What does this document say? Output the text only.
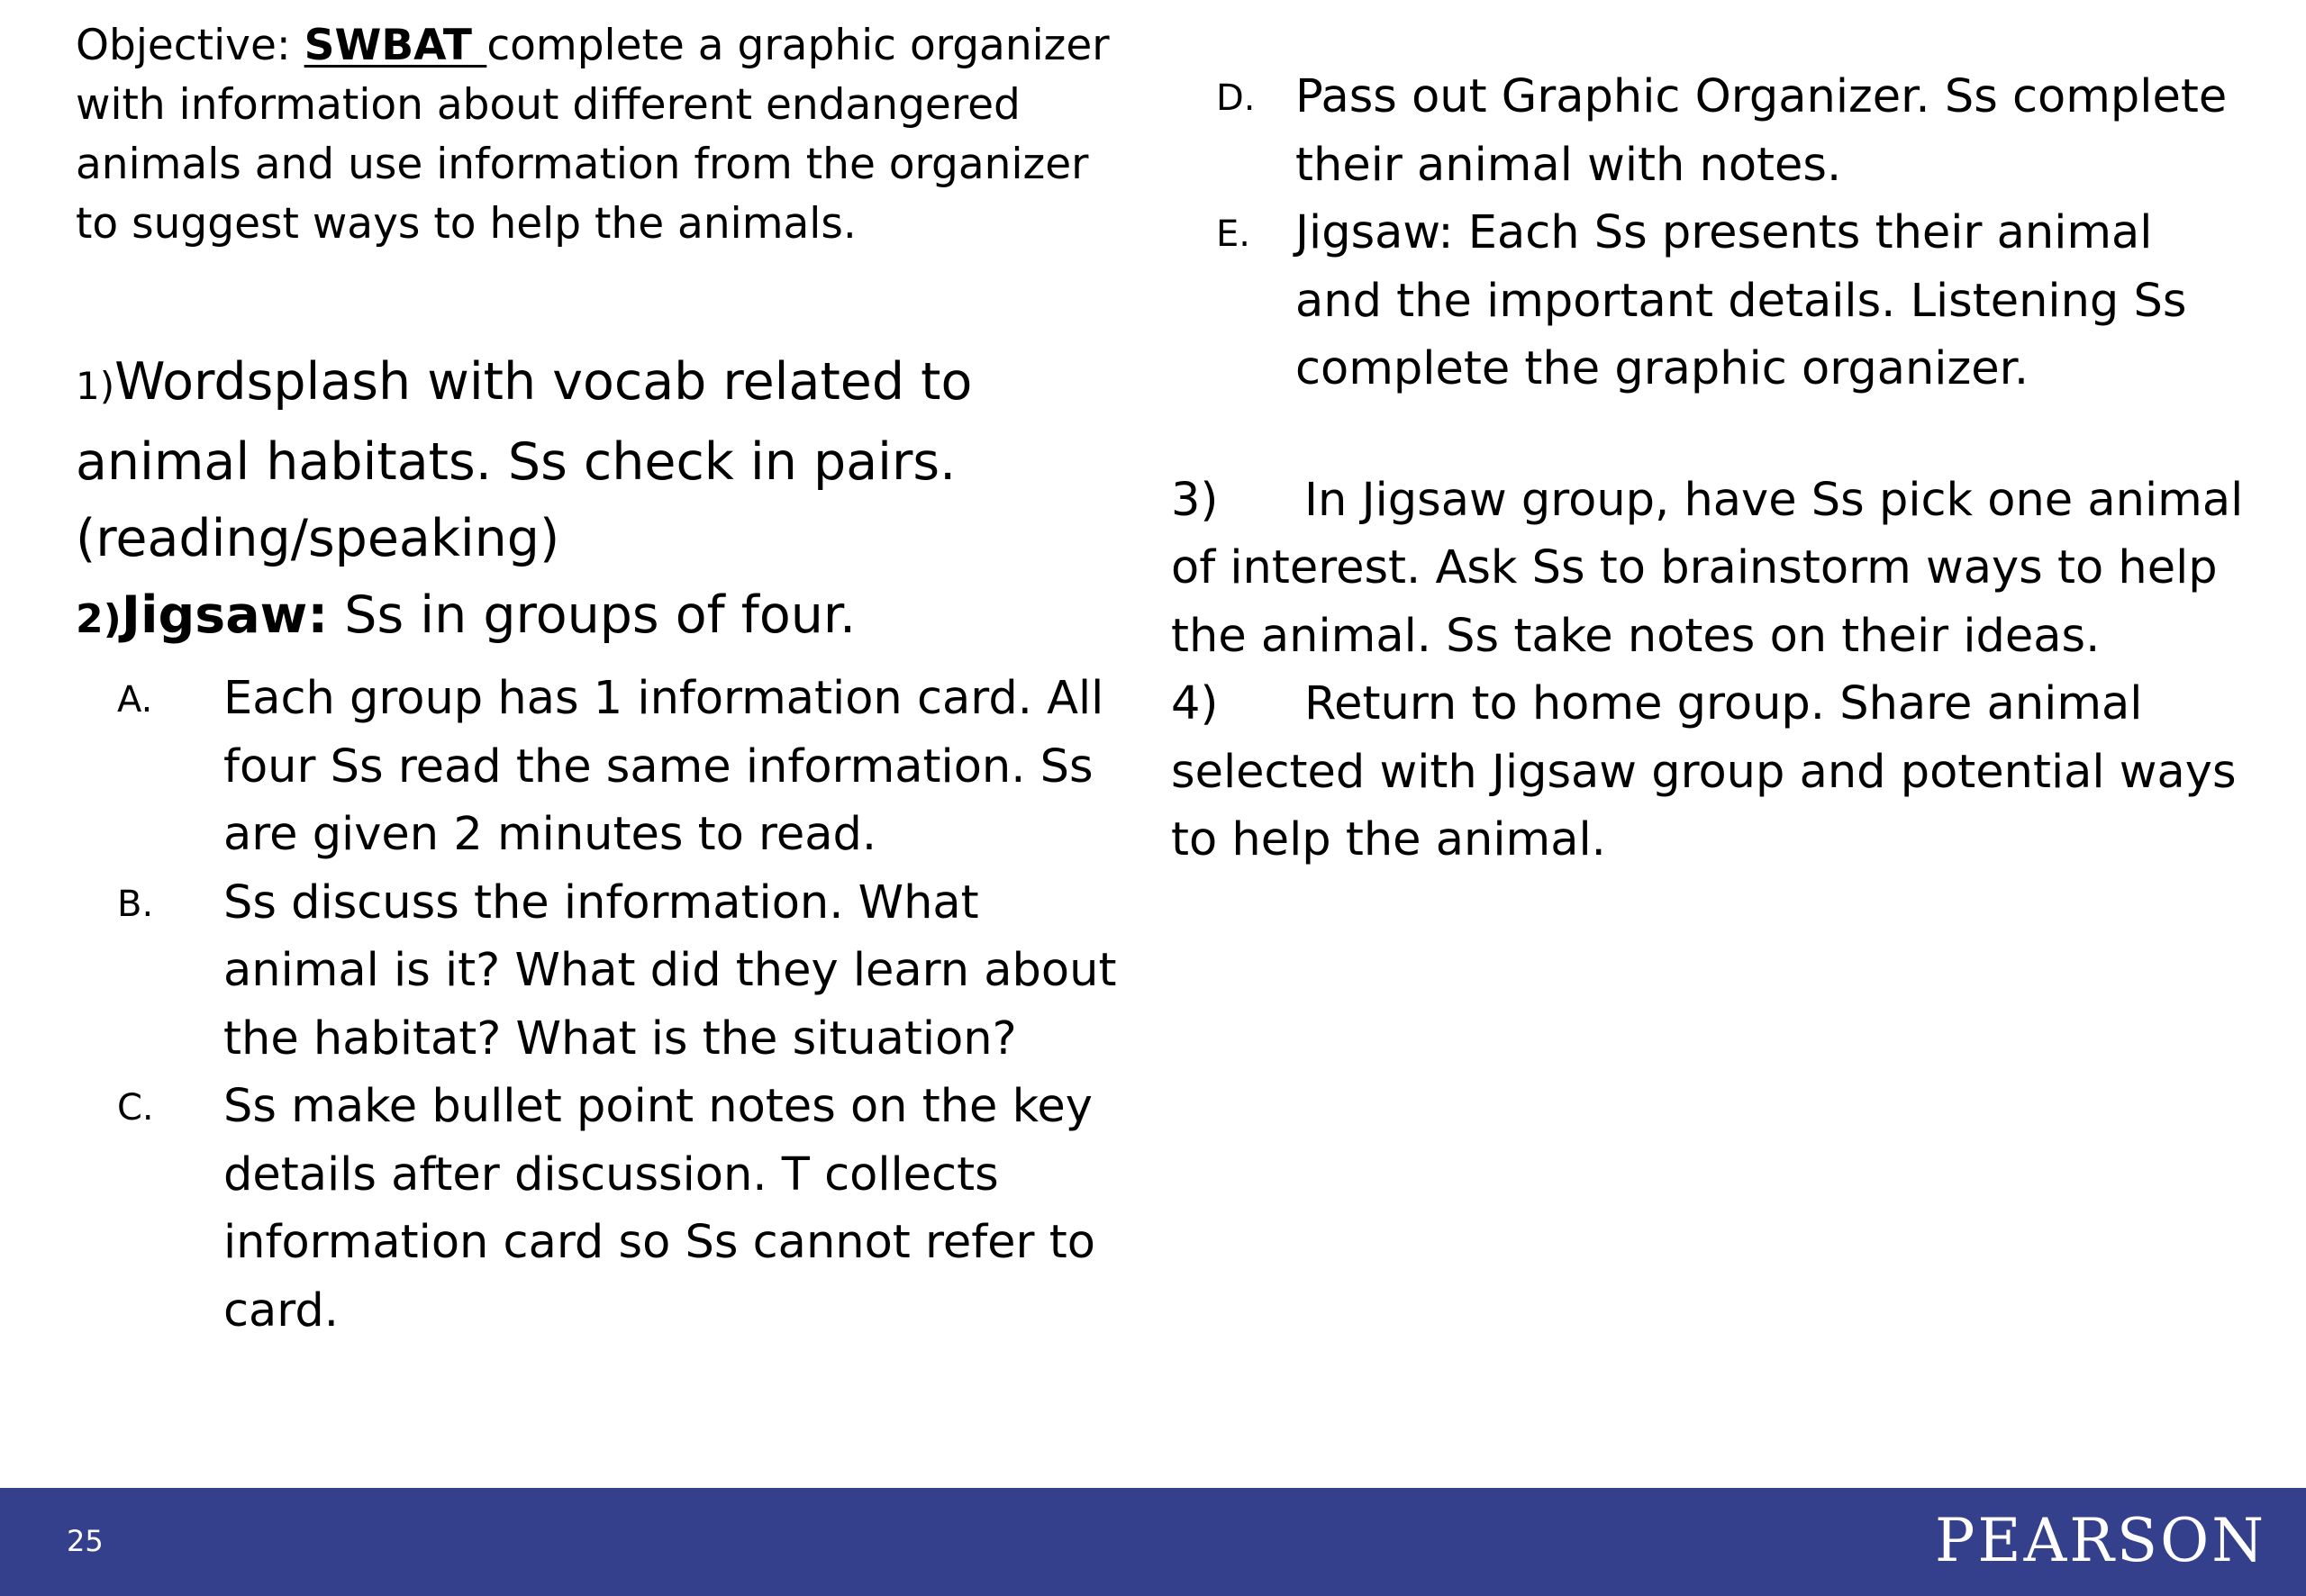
Objective: SWBAT complete a graphic organizer with information about different endangered animals and use information from the organizer to suggest ways to help the animals.

1)Wordsplash with vocab related to animal habitats. Ss check in pairs. (reading/speaking)

2)Jigsaw: Ss in groups of four.

A. Each group has 1 information card. All four Ss read the same information. Ss are given 2 minutes to read.
B. Ss discuss the information. What animal is it? What did they learn about the habitat? What is the situation?
C. Ss make bullet point notes on the key details after discussion. T collects information card so Ss cannot refer to card.
D. Pass out Graphic Organizer. Ss complete their animal with notes.
E. Jigsaw: Each Ss presents their animal and the important details. Listening Ss complete the graphic organizer.

3) In Jigsaw group, have Ss pick one animal of interest. Ask Ss to brainstorm ways to help the animal. Ss take notes on their ideas.

4) Return to home group. Share animal selected with Jigsaw group and potential ways to help the animal.

25	PEARSON
